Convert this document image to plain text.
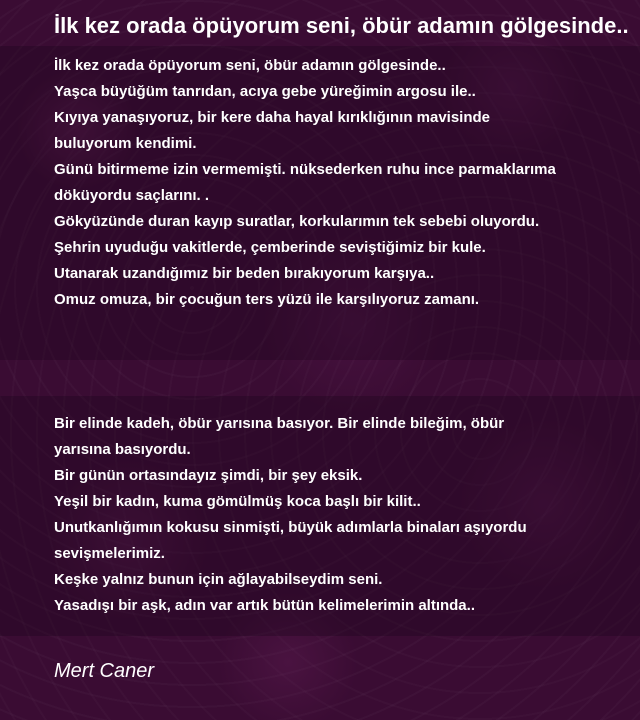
İlk kez orada öpüyorum seni, öbür adamın gölgesinde..
İlk kez orada öpüyorum seni, öbür adamın gölgesinde..
Yaşca büyüğüm tanrıdan, acıya gebe yüreğimin argosu ile..
Kıyıya yanaşıyoruz, bir kere daha hayal kırıklığının mavisinde
buluyorum kendimi.
Günü bitirmeme izin vermemişti. nüksederken ruhu ince parmaklarıma
döküyordu saçlarını. .
Gökyüzünde duran kayıp suratlar, korkularımın tek sebebi oluyordu.
Şehrin uyuduğu vakitlerde, çemberinde seviştiğimiz bir kule.
Utanarak uzandığımız bir beden bırakıyorum karşıya..
Omuz omuza, bir çocuğun ters yüzü ile karşılıyoruz zamanı.
Bir elinde kadeh, öbür yarısına basıyor. Bir elinde bileğim, öbür
yarısına basıyordu.
Bir günün ortasındayız şimdi, bir şey eksik.
Yeşil bir kadın, kuma gömülmüş koca başlı bir kilit..
Unutkanlığımın kokusu sinmişti, büyük adımlarla binaları aşıyordu
sevişmelerimiz.
Keşke yalnız bunun için ağlayabilseydim seni.
Yasadışı bir aşk, adın var artık bütün kelimelerimin altında..
Mert Caner
